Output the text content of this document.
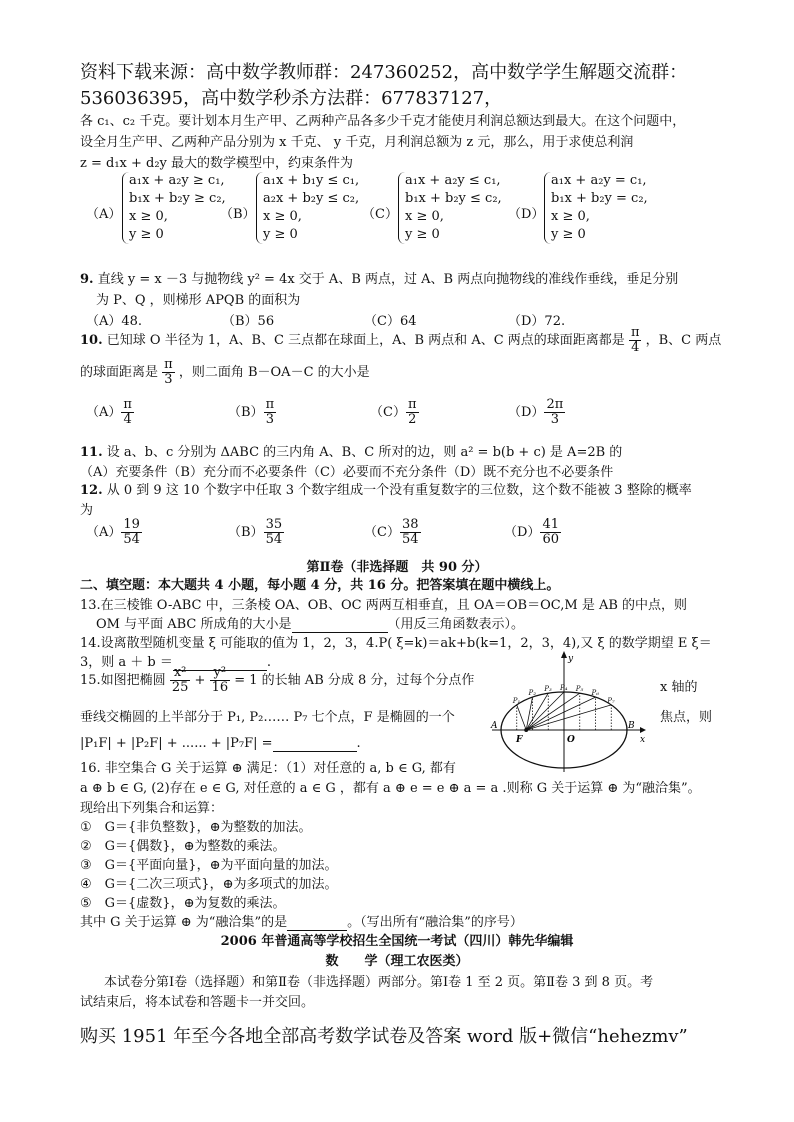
资料下载来源：高中数学教师群：247360252，高中数学学生解题交流群：
536036395，高中数学秒杀方法群：677837127，
各 c₁、c₂ 千克。要计划本月生产甲、乙两种产品各多少千克才能使月利润总额达到最大。在这个问题中，
设全月生产甲、乙两种产品分别为 x 千克、 y 千克，月利润总额为 z 元，那么，用于求使总利润
z = d₁x + d₂y 最大的数学模型中，约束条件为
（A）
a₁x + a₂y ≥ c₁,
b₁x + b₂y ≥ c₂,
x ≥ 0,
y ≥ 0
（B）
a₁x + b₁y ≤ c₁,
a₂x + b₂y ≤ c₂,
x ≥ 0,
y ≥ 0
（C）
a₁x + a₂y ≤ c₁,
b₁x + b₂y ≤ c₂,
x ≥ 0,
y ≥ 0
（D）
a₁x + a₂y = c₁,
b₁x + b₂y = c₂,
x ≥ 0,
y ≥ 0
9. 直线 y = x －3 与抛物线 y² = 4x 交于 A、B 两点，过 A、B 两点向抛物线的准线作垂线，垂足分别
为 P、Q ，则梯形 APQB 的面积为
（A）48.	（B）56	（C）64	（D）72.
10. 已知球 O 半径为 1，A、B、C 三点都在球面上，A、B 两点和 A、C 两点的球面距离都是 $\frac{\pi}{4}$ ，B、C 两点
的球面距离是 $\frac{\pi}{3}$ ，则二面角 B－OA－C 的大小是
$(A) \frac{\pi}{4}$	$(B) \frac{\pi}{3}$	$(C) \frac{\pi}{2}$	$(D) \frac{2\pi}{3}$
11. 设 a、b、c 分别为 ΔABC 的三内角 A、B、C 所对的边，则 a² = b(b + c) 是 A=2B 的
（A）充要条件（B）充分而不必要条件（C）必要而不充分条件（D）既不充分也不必要条件
12. 从 0 到 9 这 10 个数字中任取 3 个数字组成一个没有重复数字的三位数，这个数不能被 3 整除的概率
为
$(A) \frac{19}{54}$	$(B) \frac{35}{54}$	$(C) \frac{38}{54}$	$(D) \frac{41}{60}$
第Ⅱ卷（非选择题　共 90 分）
二、填空题：本大题共 4 小题，每小题 4 分，共 16 分。把答案填在题中横线上。
13.在三棱锥 O-ABC 中，三条棱 OA、OB、OC 两两互相垂直，且 OA＝OB＝OC,M 是 AB 的中点，则
OM 与平面 ABC 所成角的大小是	（用反三角函数表示）。
14.设离散型随机变量 ξ 可能取的值为 1，2，3，4.P( ξ=k)＝ak+b(k=1，2，3，4),又 ξ 的数学期望 E ξ＝
3，则 a ＋ b ＝	.
15.如图把椭圆 $\frac{\text{x²}}{25} + \frac{\text{y²}}{16} = 1$ 的长轴 AB 分成 8 分，过每个分点作	x 轴的
垂线交椭圆的上半部分于 P₁, P₂…… P₇ 七个点，F 是椭圆的一个	焦点，则
|P₁F| + |P₂F| + ...... + |P₇F| =	.
P₁
P₂ P₃ P₄ P₅ P₆
P₇
A	B
x
y
F	O
16. 非空集合 G 关于运算 ⊕ 满足：（1）对任意的 a, b ∈ G, 都有
a ⊕ b ∈ G, (2)存在 e ∈ G, 对任意的 a ∈ G ，都有 a ⊕ e = e ⊕ a = a .则称 G 关于运算 ⊕ 为“融洽集”。
现给出下列集合和运算：
①　G＝{非负整数}，⊕为整数的加法。
②　G＝{偶数}，⊕为整数的乘法。
③　G＝{平面向量}，⊕为平面向量的加法。
④　G＝{二次三项式}，⊕为多项式的加法。
⑤　G＝{虚数}，⊕为复数的乘法。
其中 G 关于运算 ⊕ 为“融洽集”的是	。（写出所有“融洽集”的序号）
2006 年普通高等学校招生全国统一考试（四川）韩先华编辑
数　　学（理工农医类）
本试卷分第Ⅰ卷（选择题）和第Ⅱ卷（非选择题）两部分。第Ⅰ卷 1 至 2 页。第Ⅱ卷 3 到 8 页。考
试结束后，将本试卷和答题卡一并交回。
购买 1951 年至今各地全部高考数学试卷及答案 word 版+微信“hehezmv”
